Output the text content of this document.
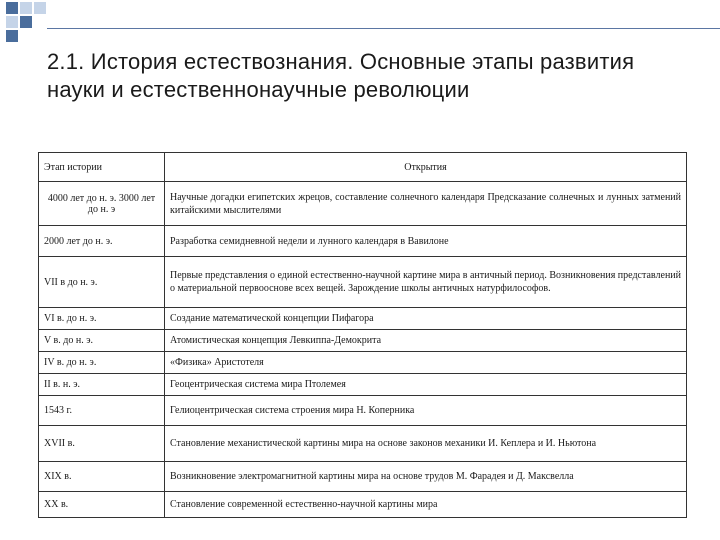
2.1. История естествознания. Основные этапы развития науки и естественнонаучные революции
Этап истории	Открытия
4000 лет до н. э. 3000 лет до н. э	Научные догадки египетских жрецов, составление солнечного календаря Предсказание солнечных и лунных затмений китайскими мыслителями
2000 лет до н. э.	Разработка семидневной недели и лунного календаря в Вавилоне
VII в до н. э.	Первые представления о единой естественно-научной картине мира в античный период. Возникновения представлений о материальной первооснове всех вещей. Зарождение школы античных натурфилософов.
VI в. до н. э.	Создание математической концепции Пифагора
V в. до н. э.	Атомистическая концепция Левкиппа-Демокрита
IV в. до н. э.	«Физика» Аристотеля
II в. н. э.	Геоцентрическая система мира Птолемея
1543 г.	Гелиоцентрическая система строения мира Н. Коперника
XVII в.	Становление механистической картины мира на основе законов механики И. Кеплера и И. Ньютона
XIX в.	Возникновение электромагнитной картины мира на основе трудов М. Фарадея и Д. Максвелла
XX в.	Становление современной естественно-научной картины мира
